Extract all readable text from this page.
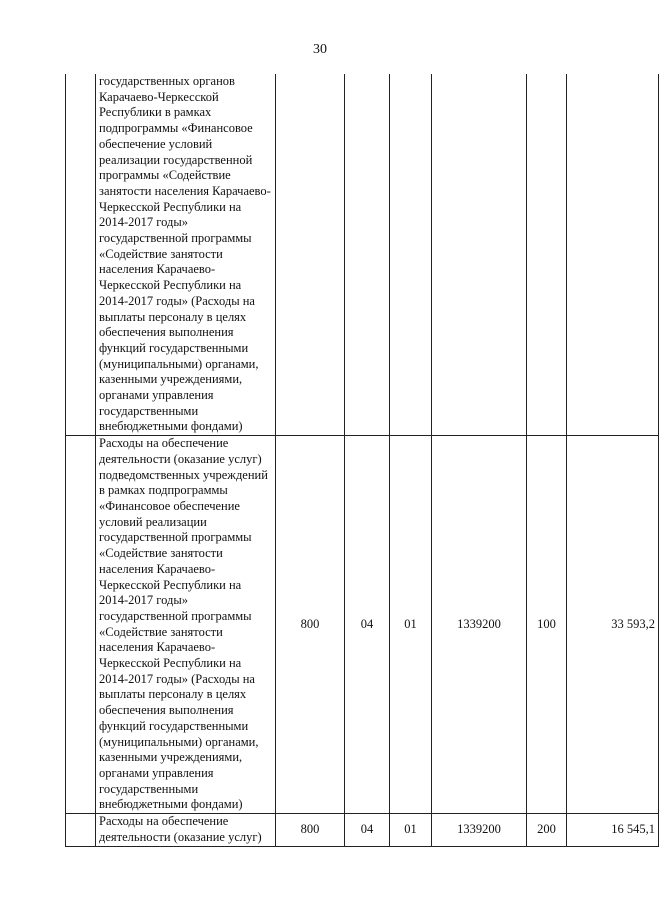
30
	государственных органов Карачаево-Черкесской Республики в рамках подпрограммы «Финансовое обеспечение условий реализации государственной программы «Содействие занятости населения Карачаево-Черкесской Республики на 2014-2017 годы» государственной программы «Содействие занятости населения Карачаево-Черкесской Республики на 2014-2017 годы» (Расходы на выплаты персоналу в целях обеспечения выполнения функций государственными (муниципальными) органами, казенными учреждениями, органами управления государственными внебюджетными фондами)						
	Расходы на обеспечение деятельности (оказание услуг) подведомственных учреждений в рамках подпрограммы «Финансовое обеспечение условий реализации государственной программы «Содействие занятости населения Карачаево-Черкесской Республики на 2014-2017 годы» государственной программы «Содействие занятости населения Карачаево-Черкесской Республики на 2014-2017 годы» (Расходы на выплаты персоналу в целях обеспечения выполнения функций государственными (муниципальными) органами, казенными учреждениями, органами управления государственными внебюджетными фондами)	800	04	01	1339200	100	33 593,2
	Расходы на обеспечение деятельности (оказание услуг)	800	04	01	1339200	200	16 545,1
